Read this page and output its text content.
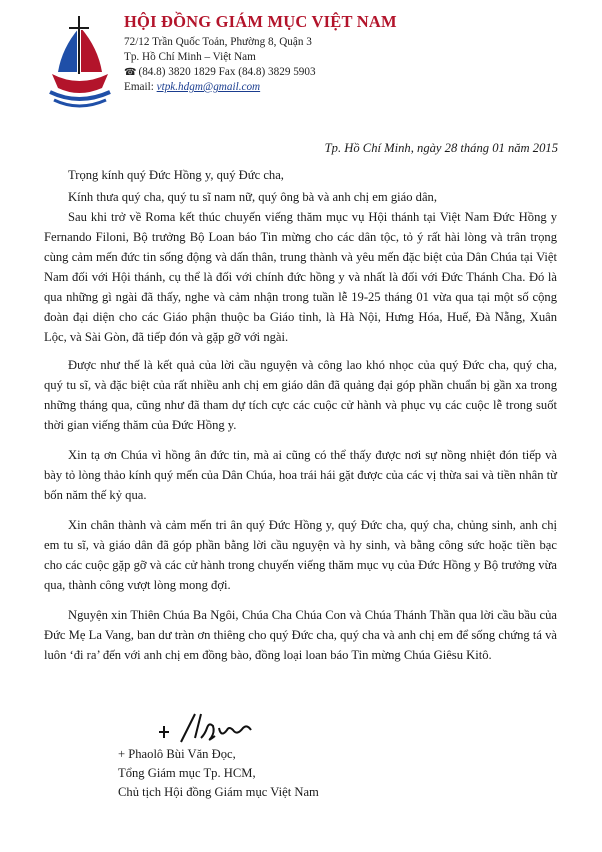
HỘI ĐỒNG GIÁM MỤC VIỆT NAM
72/12 Trần Quốc Toản, Phường 8, Quận 3
Tp. Hồ Chí Minh – Việt Nam
☎ (84.8) 3820 1829 Fax (84.8) 3829 5903
Email: vtpk.hdgm@gmail.com
Tp. Hồ Chí Minh, ngày 28 tháng 01 năm 2015

Trọng kính quý Đức Hồng y, quý Đức cha,

Kính thưa quý cha, quý tu sĩ nam nữ, quý ông bà và anh chị em giáo dân,

Sau khi trở về Roma kết thúc chuyến viếng thăm mục vụ Hội thánh tại Việt Nam Đức Hồng y Fernando Filoni, Bộ trưởng Bộ Loan báo Tin mừng cho các dân tộc, tỏ ý rất hài lòng và trân trọng cùng cảm mến đức tin sống động và dấn thân, trung thành và yêu mến đặc biệt của Dân Chúa tại Việt Nam đối với Hội thánh, cụ thể là đối với chính đức hồng y và nhất là đối với Đức Thánh Cha. Đó là qua những gì ngài đã thấy, nghe và cảm nhận trong tuần lễ 19-25 tháng 01 vừa qua tại một số cộng đoàn đại diện cho các Giáo phận thuộc ba Giáo tỉnh, là Hà Nội, Hưng Hóa, Huế, Đà Nẵng, Xuân Lộc, và Sài Gòn, đã tiếp đón và gặp gỡ với ngài.

Được như thế là kết quả của lời cầu nguyện và công lao khó nhọc của quý Đức cha, quý cha, quý tu sĩ, và đặc biệt của rất nhiều anh chị em giáo dân đã quảng đại góp phần chuẩn bị gần xa trong những tháng qua, cũng như đã tham dự tích cực các cuộc cử hành và phục vụ các cuộc lễ trong suốt thời gian viếng thăm của Đức Hồng y.

Xin tạ ơn Chúa vì hồng ân đức tin, mà ai cũng có thể thấy được nơi sự nồng nhiệt đón tiếp và bày tỏ lòng thảo kính quý mến của Dân Chúa, hoa trái hái gặt được của các vị thừa sai và tiền nhân từ bốn năm thế kỷ qua.

Xin chân thành và cảm mến tri ân quý Đức Hồng y, quý Đức cha, quý cha, chủng sinh, anh chị em tu sĩ, và giáo dân đã góp phần bằng lời cầu nguyện và hy sinh, và bằng công sức hoặc tiền bạc cho các cuộc gặp gỡ và các cử hành trong chuyến viếng thăm mục vụ của Đức Hồng y Bộ trưởng vừa qua, thành công vượt lòng mong đợi.

Nguyện xin Thiên Chúa Ba Ngôi, Chúa Cha Chúa Con và Chúa Thánh Thần qua lời cầu bầu của Đức Mẹ La Vang, ban dư tràn ơn thiêng cho quý Đức cha, quý cha và anh chị em để sống chứng tá và luôn ‘đi ra’ đến với anh chị em đồng bào, đồng loại loan báo Tin mừng Chúa Giêsu Kitô.

+ Phaolô Bùi Văn Đọc,
Tổng Giám mục Tp. HCM,
Chủ tịch Hội đồng Giám mục Việt Nam
